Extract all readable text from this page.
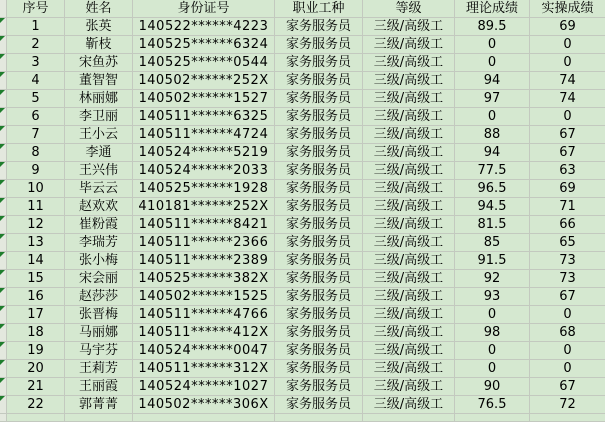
序号	姓名	身份证号	职业工种	等级	理论成绩	实操成绩
1	张英	140522******4223	家务服务员	三级/高级工	89.5	69
2	靳枝	140525******6324	家务服务员	三级/高级工	0	0
3	宋鱼苏	140525******0544	家务服务员	三级/高级工	0	0
4	董智智	140502******252X	家务服务员	三级/高级工	94	74
5	林丽娜	140502******1527	家务服务员	三级/高级工	97	74
6	李卫丽	140511******6325	家务服务员	三级/高级工	0	0
7	王小云	140511******4724	家务服务员	三级/高级工	88	67
8	李通	140524******5219	家务服务员	三级/高级工	94	67
9	王兴伟	140524******2033	家务服务员	三级/高级工	77.5	63
10	毕云云	140525******1928	家务服务员	三级/高级工	96.5	69
11	赵欢欢	410181******252X	家务服务员	三级/高级工	94.5	71
12	崔粉霞	140511******8421	家务服务员	三级/高级工	81.5	66
13	李瑞芳	140511******2366	家务服务员	三级/高级工	85	65
14	张小梅	140511******2389	家务服务员	三级/高级工	91.5	73
15	宋会丽	140525******382X	家务服务员	三级/高级工	92	73
16	赵莎莎	140502******1525	家务服务员	三级/高级工	93	67
17	张晋梅	140511******4766	家务服务员	三级/高级工	0	0
18	马丽娜	140511******412X	家务服务员	三级/高级工	98	68
19	马宇芬	140524******0047	家务服务员	三级/高级工	0	0
20	王莉芳	140511******312X	家务服务员	三级/高级工	0	0
21	王丽霞	140524******1027	家务服务员	三级/高级工	90	67
22	郭菁菁	140502******306X	家务服务员	三级/高级工	76.5	72
